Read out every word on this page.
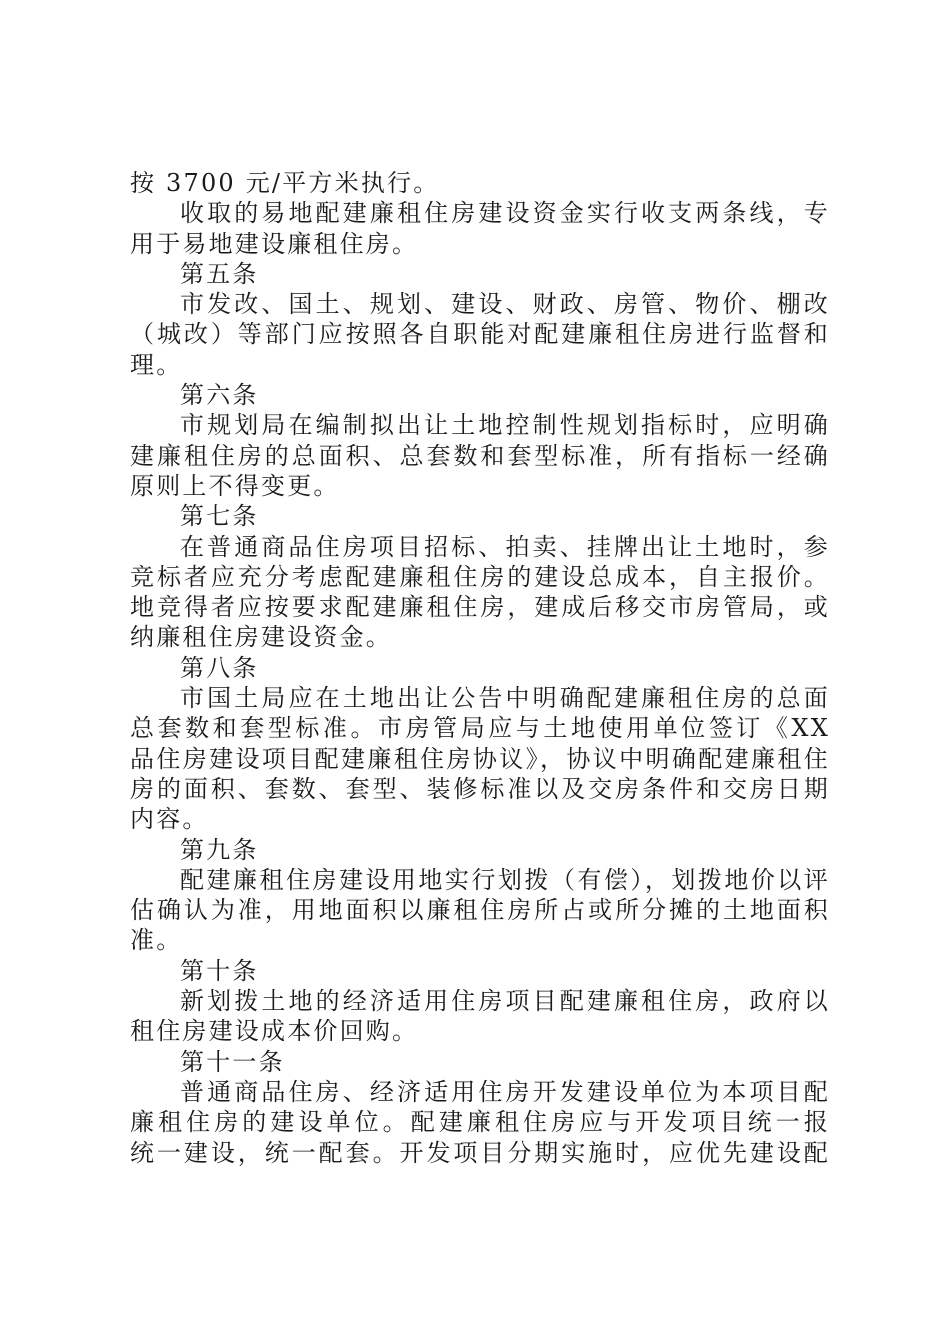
按 3700 元/平方米执行。
收取的易地配建廉租住房建设资金实行收支两条线，专
用于易地建设廉租住房。
第五条
市发改、国土、规划、建设、财政、房管、物价、棚改
（城改）等部门应按照各自职能对配建廉租住房进行监督和
理。
第六条
市规划局在编制拟出让土地控制性规划指标时，应明确
建廉租住房的总面积、总套数和套型标准，所有指标一经确
原则上不得变更。
第七条
在普通商品住房项目招标、拍卖、挂牌出让土地时，参
竞标者应充分考虑配建廉租住房的建设总成本，自主报价。
地竞得者应按要求配建廉租住房，建成后移交市房管局，或
纳廉租住房建设资金。
第八条
市国土局应在土地出让公告中明确配建廉租住房的总面
总套数和套型标准。市房管局应与土地使用单位签订《XX
品住房建设项目配建廉租住房协议》，协议中明确配建廉租住
房的面积、套数、套型、装修标准以及交房条件和交房日期
内容。
第九条
配建廉租住房建设用地实行划拨（有偿），划拨地价以评
估确认为准，用地面积以廉租住房所占或所分摊的土地面积
准。
第十条
新划拨土地的经济适用住房项目配建廉租住房，政府以
租住房建设成本价回购。
第十一条
普通商品住房、经济适用住房开发建设单位为本项目配
廉租住房的建设单位。配建廉租住房应与开发项目统一报
统一建设，统一配套。开发项目分期实施时，应优先建设配
